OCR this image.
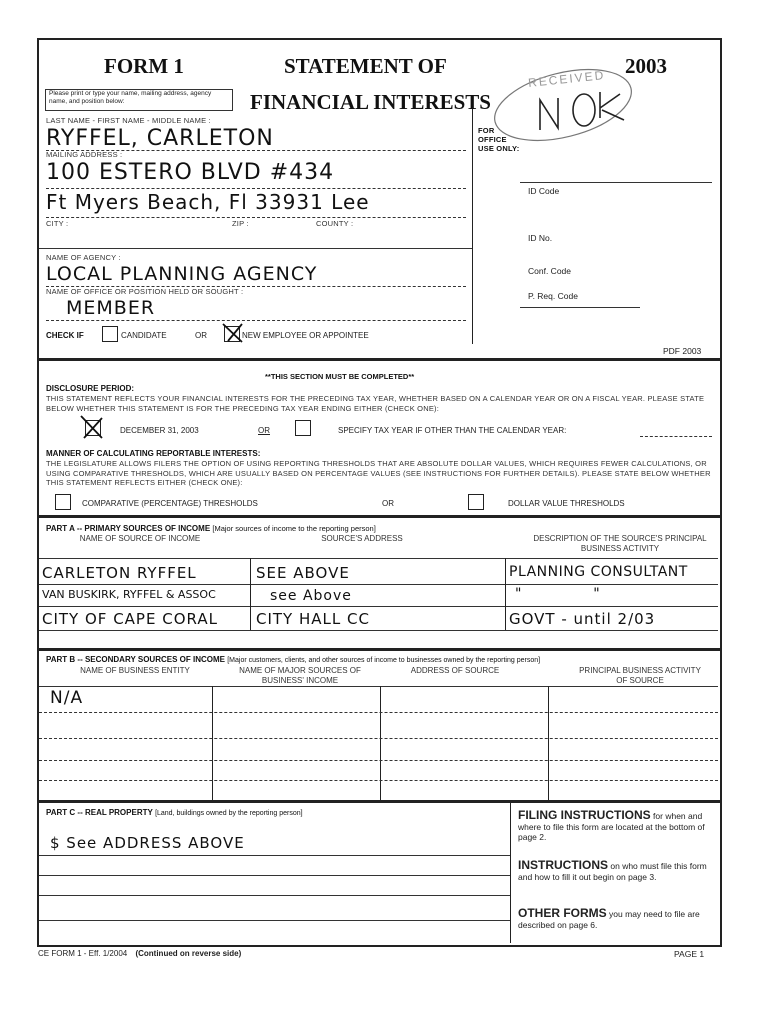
FORM 1	STATEMENT OF
FINANCIAL INTERESTS
2003
Please print or type your name, mailing address, agency name, and position below:
RECEIVED
FOR OFFICE USE ONLY:
LAST NAME - FIRST NAME - MIDDLE NAME :
RYFFEL, CARLETON
MAILING ADDRESS :
100 ESTERO BLVD #434
Ft Myers Beach, Fl 33931 Lee
CITY :	ZIP :	COUNTY :
NAME OF AGENCY :
LOCAL PLANNING AGENCY
NAME OF OFFICE OR POSITION HELD OR SOUGHT :
MEMBER
CHECK IF	CANDIDATE	OR	NEW EMPLOYEE OR APPOINTEE
ID Code
ID No.
Conf. Code
P. Req. Code
PDF 2003
**THIS SECTION MUST BE COMPLETED**
DISCLOSURE PERIOD:
THIS STATEMENT REFLECTS YOUR FINANCIAL INTERESTS FOR THE PRECEDING TAX YEAR, WHETHER BASED ON A CALENDAR YEAR OR ON A FISCAL YEAR. PLEASE STATE BELOW WHETHER THIS STATEMENT IS FOR THE PRECEDING TAX YEAR ENDING EITHER (CHECK ONE):
DECEMBER 31, 2003	OR	SPECIFY TAX YEAR IF OTHER THAN THE CALENDAR YEAR:
MANNER OF CALCULATING REPORTABLE INTERESTS:
THE LEGISLATURE ALLOWS FILERS THE OPTION OF USING REPORTING THRESHOLDS THAT ARE ABSOLUTE DOLLAR VALUES, WHICH REQUIRES FEWER CALCULATIONS, OR USING COMPARATIVE THRESHOLDS, WHICH ARE USUALLY BASED ON PERCENTAGE VALUES (SEE INSTRUCTIONS FOR FURTHER DETAILS). PLEASE STATE BELOW WHETHER THIS STATEMENT REFLECTS EITHER (CHECK ONE):
COMPARATIVE (PERCENTAGE) THRESHOLDS	OR	DOLLAR VALUE THRESHOLDS
PART A -- PRIMARY SOURCES OF INCOME [Major sources of income to the reporting person]
NAME OF SOURCE OF INCOME	SOURCE'S ADDRESS	DESCRIPTION OF THE SOURCE'S PRINCIPAL BUSINESS ACTIVITY
CARLETON RYFFEL	SEE ABOVE	PLANNING CONSULTANT
VAN BUSKIRK, RYFFEL & ASSOC	see Above	"             "
CITY OF CAPE CORAL	CITY HALL CC	GOVT - until 2/03
PART B -- SECONDARY SOURCES OF INCOME [Major customers, clients, and other sources of income to businesses owned by the reporting person]
NAME OF BUSINESS ENTITY	NAME OF MAJOR SOURCES OF BUSINESS' INCOME
ADDRESS OF SOURCE	PRINCIPAL BUSINESS ACTIVITY OF SOURCE
N/A
PART C -- REAL PROPERTY [Land, buildings owned by the reporting person]
$ See ADDRESS ABOVE
FILING INSTRUCTIONS for when and where to file this form are located at the bottom of page 2.
INSTRUCTIONS on who must file this form and how to fill it out begin on page 3.
OTHER FORMS you may need to file are described on page 6.
CE FORM 1 - Eff. 1/2004 (Continued on reverse side)	PAGE 1
